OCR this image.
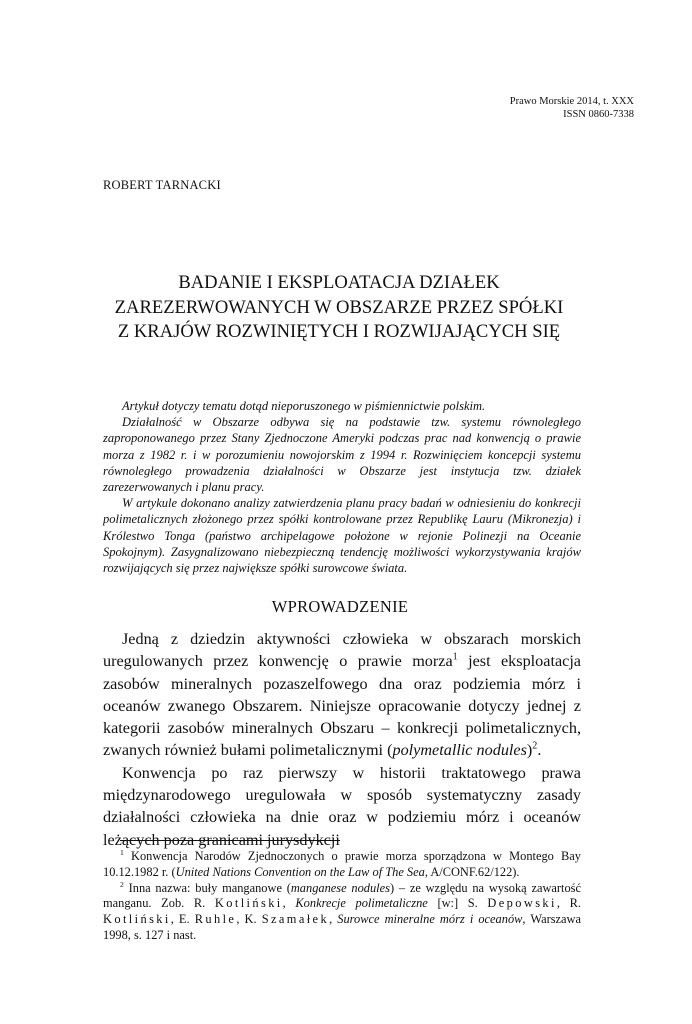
Prawo Morskie 2014, t. XXX
ISSN 0860-7338
ROBERT TARNACKI
BADANIE I EKSPLOATACJA DZIAŁEK
ZAREZERWOWANYCH W OBSZARZE PRZEZ SPÓŁKI
Z KRAJÓW ROZWINIĘTYCH I ROZWIJAJĄCYCH SIĘ

Artykuł dotyczy tematu dotąd nieporuszonego w piśmiennictwie polskim.

Działalność w Obszarze odbywa się na podstawie tzw. systemu równoległego zaproponowanego przez Stany Zjednoczone Ameryki podczas prac nad konwencją o prawie morza z 1982 r. i w porozumieniu nowojorskim z 1994 r. Rozwinięciem koncepcji systemu równoległego prowadzenia działalności w Obszarze jest instytucja tzw. działek zarezerwowanych i planu pracy.

W artykule dokonano analizy zatwierdzenia planu pracy badań w odniesieniu do konkrecji polimetalicznych złożonego przez spółki kontrolowane przez Republikę Lauru (Mikronezja) i Królestwo Tonga (państwo archipelagowe położone w rejonie Polinezji na Oceanie Spokojnym). Zasygnalizowano niebezpieczną tendencję możliwości wykorzystywania krajów rozwijających się przez największe spółki surowcowe świata.

WPROWADZENIE

Jedną z dziedzin aktywności człowieka w obszarach morskich uregulowanych przez konwencję o prawie morza$^1$ jest eksploatacja zasobów mineralnych pozaszelfowego dna oraz podziemia mórz i oceanów zwanego Obszarem. Niniejsze opracowanie dotyczy jednej z kategorii zasobów mineralnych Obszaru – konkrecji polimetalicznych, zwanych również bułami polimetalicznymi (polymetallic nodules)$^2$.

Konwencja po raz pierwszy w historii traktatowego prawa międzynarodowego uregulowała w sposób systematyczny zasady działalności człowieka na dnie oraz w podziemiu mórz i oceanów leżących poza granicami jurysdykcji

$^1$ Konwencja Narodów Zjednoczonych o prawie morza sporządzona w Montego Bay 10.12.1982 r. (United Nations Convention on the Law of The Sea, A/CONF.62/122).

$^2$ Inna nazwa: buły manganowe (manganese nodules) – ze względu na wysoką zawartość manganu. Zob. R. Kotliński, Konkrecje polimetaliczne [w:] S. Depowski, R. Kotliński, E. Ruhle, K. Szamałek, Surowce mineralne mórz i oceanów, Warszawa 1998, s. 127 i nast.
